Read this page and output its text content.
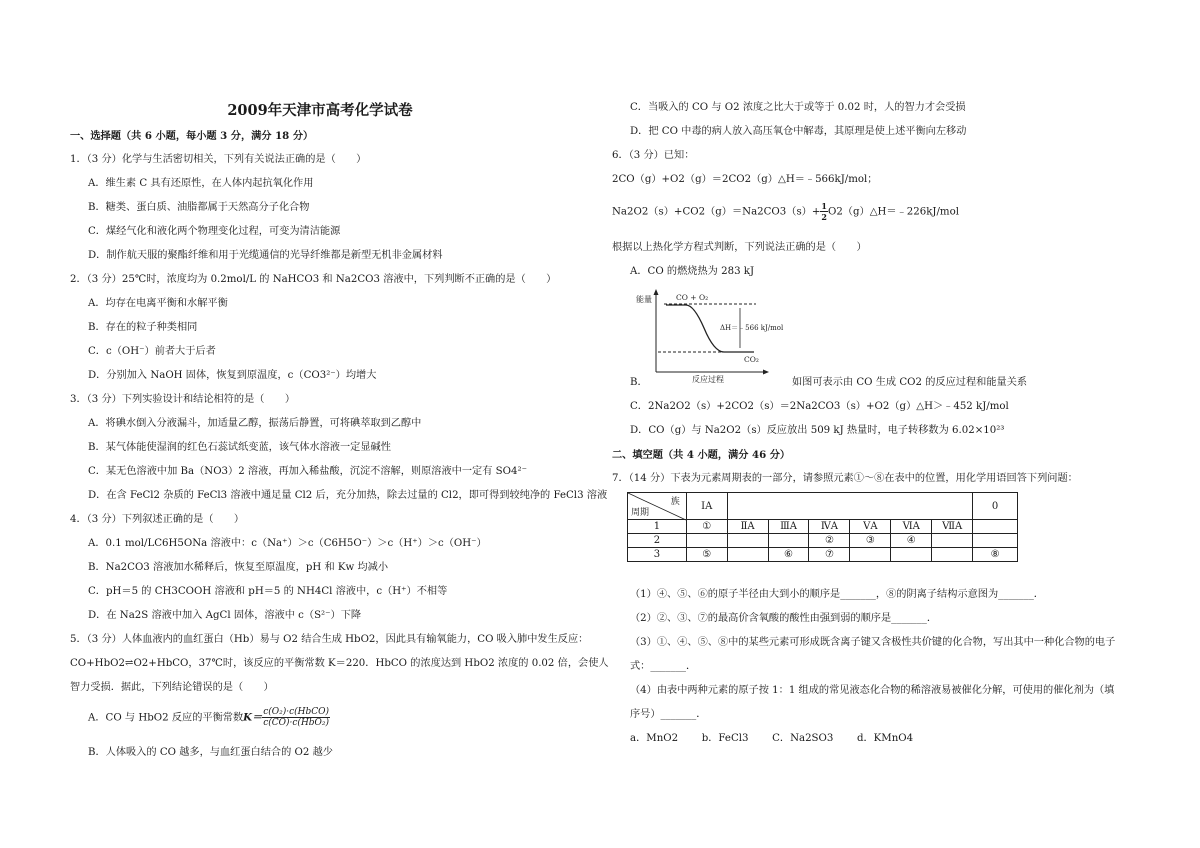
2009年天津市高考化学试卷
一、选择题（共 6 小题，每小题 3 分，满分 18 分）
1．（3 分）化学与生活密切相关，下列有关说法正确的是（　　）
A．维生素 C 具有还原性，在人体内起抗氧化作用
B．糖类、蛋白质、油脂都属于天然高分子化合物
C．煤经气化和液化两个物理变化过程，可变为清洁能源
D．制作航天服的聚酯纤维和用于光缆通信的光导纤维都是新型无机非金属材料
2．（3 分）25℃时，浓度均为 0.2mol/L 的 NaHCO3 和 Na2CO3 溶液中，下列判断不正确的是（　　）
A．均存在电离平衡和水解平衡
B．存在的粒子种类相同
C．c（OH⁻）前者大于后者
D．分别加入 NaOH 固体，恢复到原温度，c（CO3²⁻）均增大
3．（3 分）下列实验设计和结论相符的是（　　）
A．将碘水倒入分液漏斗，加适量乙醇，振荡后静置，可将碘萃取到乙醇中
B．某气体能使湿润的红色石蕊试纸变蓝，该气体水溶液一定显碱性
C．某无色溶液中加 Ba（NO3）2 溶液，再加入稀盐酸，沉淀不溶解，则原溶液中一定有 SO4²⁻
D．在含 FeCl2 杂质的 FeCl3 溶液中通足量 Cl2 后，充分加热，除去过量的 Cl2，即可得到较纯净的 FeCl3 溶液
4．（3 分）下列叙述正确的是（　　）
A．0.1 mol/LC6H5ONa 溶液中：c（Na⁺）＞c（C6H5O⁻）＞c（H⁺）＞c（OH⁻）
B．Na2CO3 溶液加水稀释后，恢复至原温度，pH 和 Kw 均减小
C．pH＝5 的 CH3COOH 溶液和 pH＝5 的 NH4Cl 溶液中，c（H⁺）不相等
D．在 Na2S 溶液中加入 AgCl 固体，溶液中 c（S²⁻）下降
5．（3 分）人体血液内的血红蛋白（Hb）易与 O2 结合生成 HbO2，因此具有输氧能力，CO 吸入肺中发生反应：
CO+HbO2⇌O2+HbCO，37℃时，该反应的平衡常数 K＝220．HbCO 的浓度达到 HbO2 浓度的 0.02 倍，会使人
智力受损．据此，下列结论错误的是（　　）
B．人体吸入的 CO 越多，与血红蛋白结合的 O2 越少
C．当吸入的 CO 与 O2 浓度之比大于或等于 0.02 时，人的智力才会受损
D．把 CO 中毒的病人放入高压氧仓中解毒，其原理是使上述平衡向左移动
6．（3 分）已知：
2CO（g）+O2（g）＝2CO2（g）△H＝﹣566kJ/mol；
根据以上热化学方程式判断，下列说法正确的是（　　）
A．CO 的燃烧热为 283 kJ
B．	如图可表示由 CO 生成 CO2 的反应过程和能量关系
C．2Na2O2（s）+2CO2（s）＝2Na2CO3（s）+O2（g）△H＞﹣452 kJ/mol
D．CO（g）与 Na2O2（s）反应放出 509 kJ 热量时，电子转移数为 6.02×10²³
二、填空题（共 4 小题，满分 46 分）
7．（14 分）下表为元素周期表的一部分，请参照元素①～⑧在表中的位置，用化学用语回答下列问题：
（1）④、⑤、⑥的原子半径由大到小的顺序是_______，⑧的阴离子结构示意图为_______．
（2）②、③、⑦的最高价含氧酸的酸性由强到弱的顺序是_______．
（3）①、④、⑤、⑧中的某些元素可形成既含离子键又含极性共价键的化合物，写出其中一种化合物的电子
式：_______．
（4）由表中两种元素的原子按 1：1 组成的常见液态化合物的稀溶液易被催化分解，可使用的催化剂为（填
序号）_______．
a．MnO2　　 b．FeCl3　　 C．Na2SO3　　 d．KMnO4
A．CO 与 HbO2 反应的平衡常数$K= \frac{\text{c(O₂)·c(HbCO)}}{\text{c(CO)·c(HbO₂)}}$
$Na2O2(s)+CO2(g)=Na2CO3(s)+ \frac{1}{2}$ O2（g）△H＝﹣226kJ/mol
能量	CO + O₂
ΔH＝﹣566 kJ/mol
CO₂
反应过程
族
周期	ⅠA							0
1	①	ⅡA	ⅢA	ⅣA	ⅤA	ⅥA	ⅦA	
2				②	③	④		
3	⑤		⑥	⑦				⑧
